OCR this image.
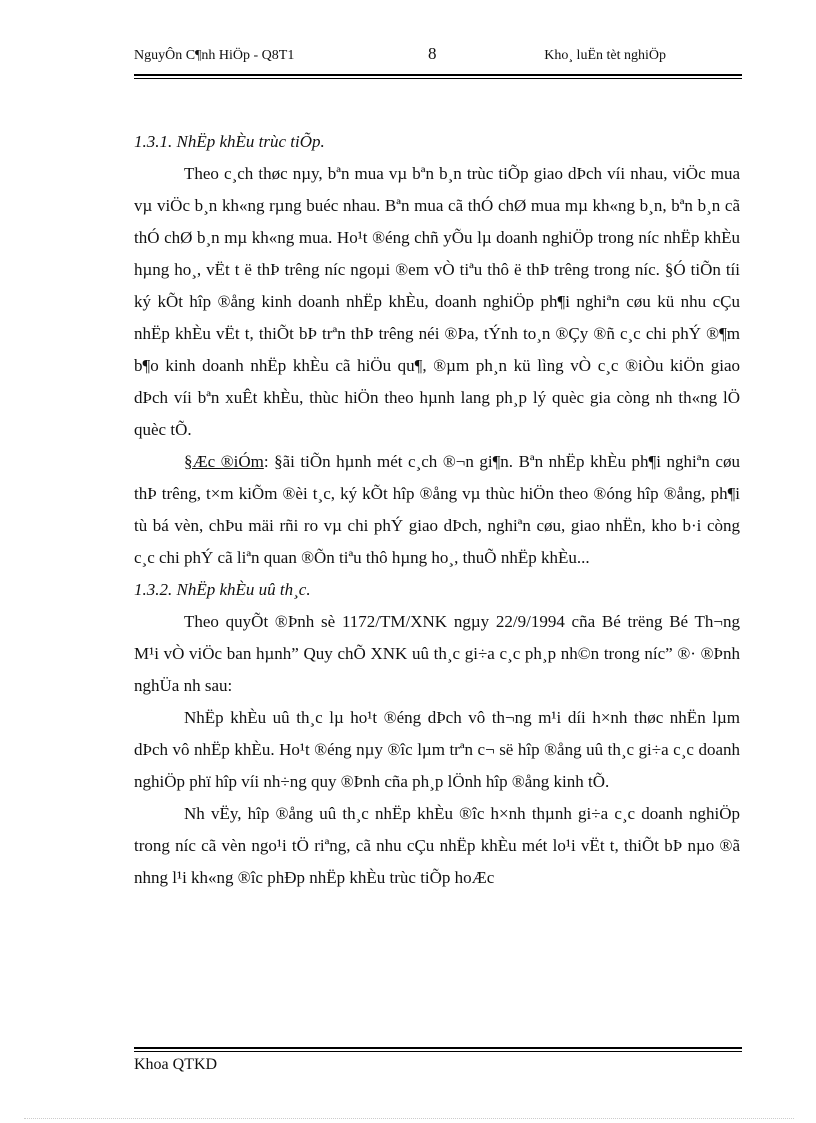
NguyÔn C¶nh HiÖp - Q8T1	8	Kho¸ luËn tèt nghiÖp

1.3.1. NhËp khÈu trùc tiÕp.

Theo c¸ch thøc nµy, bªn mua vµ bªn b¸n trùc tiÕp giao dÞch víi nhau, viÖc mua vµ viÖc b¸n kh«ng rµng buéc nhau. Bªn mua cã thÓ chØ mua mµ kh«ng b¸n, bªn b¸n cã thÓ chØ b¸n mµ kh«ng mua. Ho¹t ®éng chñ yÕu lµ doanh nghiÖp trong níc nhËp khÈu hµng ho¸, vËt t ë thÞ trêng níc ngoµi ®em vÒ tiªu thô ë thÞ trêng trong níc. §Ó tiÕn tíi ký kÕt hîp ®ång kinh doanh nhËp khÈu, doanh nghiÖp ph¶i nghiªn cøu kü nhu cÇu nhËp khÈu vËt t, thiÕt bÞ trªn thÞ trêng néi ®Þa, tÝnh to¸n ®Çy ®ñ c¸c chi phÝ ®¶m b¶o kinh doanh nhËp khÈu cã hiÖu qu¶, ®µm ph¸n kü lìng vÒ c¸c ®iÒu kiÖn giao dÞch víi bªn xuÊt khÈu, thùc hiÖn theo hµnh lang ph¸p lý quèc gia còng nh th«ng lÖ quèc tÕ.

§Æc ®iÓm: §ãi tiÕn hµnh mét c¸ch ®¬n gi¶n. Bªn nhËp khÈu ph¶i nghiªn cøu thÞ trêng, t×m kiÕm ®èi t¸c, ký kÕt hîp ®ång vµ thùc hiÖn theo ®óng hîp ®ång, ph¶i tù bá vèn, chÞu mäi rñi ro vµ chi phÝ giao dÞch, nghiªn cøu, giao nhËn, kho b·i còng c¸c chi phÝ cã liªn quan ®Õn tiªu thô hµng ho¸, thuÕ nhËp khÈu...

1.3.2. NhËp khÈu uû th¸c.

Theo quyÕt ®Þnh sè 1172/TM/XNK ngµy 22/9/1994 cña Bé trëng Bé Th¬ng M¹i vÒ viÖc ban hµnh” Quy chÕ XNK uû th¸c gi÷a c¸c ph¸p nh©n trong níc” ®· ®Þnh nghÜa nh sau:

NhËp khÈu uû th¸c lµ ho¹t ®éng dÞch vô th¬ng m¹i díi h×nh thøc nhËn lµm dÞch vô nhËp khÈu. Ho¹t ®éng nµy ®îc lµm trªn c¬ së hîp ®ång uû th¸c gi÷a c¸c doanh nghiÖp phï hîp víi nh÷ng quy ®Þnh cña ph¸p lÖnh hîp ®ång kinh tÕ.

Nh vËy, hîp ®ång uû th¸c nhËp khÈu ®îc h×nh thµnh gi÷a c¸c doanh nghiÖp trong níc cã vèn ngo¹i tÖ riªng, cã nhu cÇu nhËp khÈu mét lo¹i vËt t, thiÕt bÞ nµo ®ã nhng l¹i kh«ng ®îc phÐp nhËp khÈu trùc tiÕp hoÆc

Khoa QTKD
